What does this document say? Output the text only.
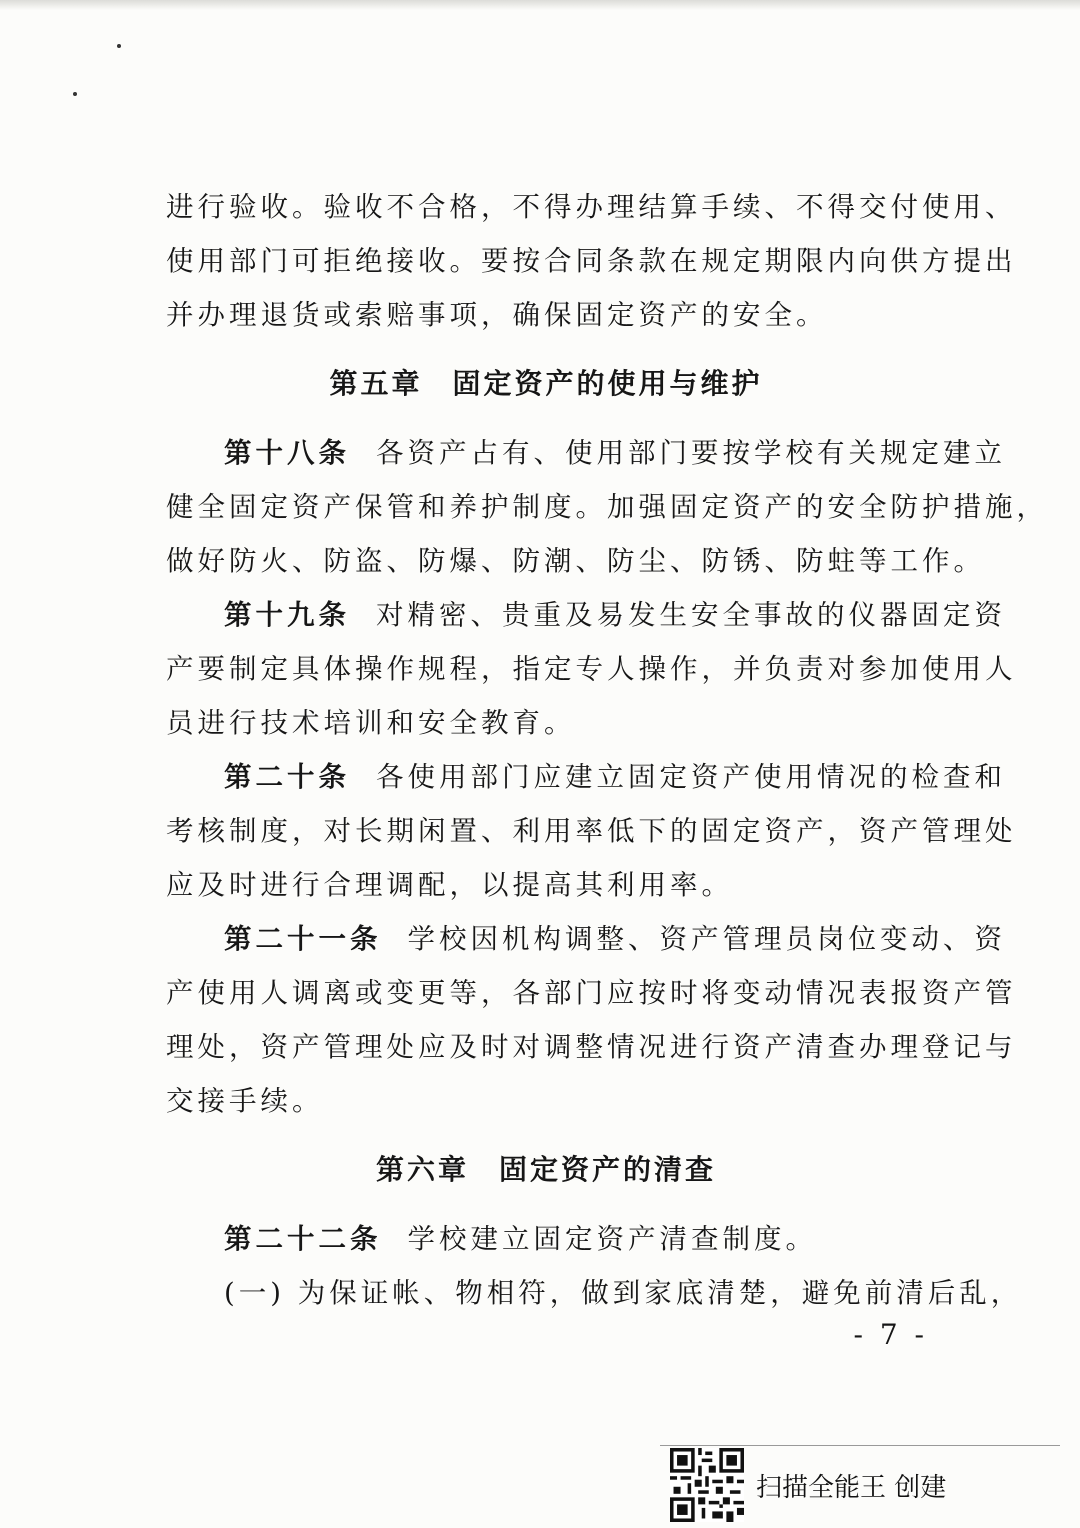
进行验收。验收不合格，不得办理结算手续、不得交付使用、

使用部门可拒绝接收。要按合同条款在规定期限内向供方提出

并办理退货或索赔事项，确保固定资产的安全。

第五章 固定资产的使用与维护

第十八条 各资产占有、使用部门要按学校有关规定建立

健全固定资产保管和养护制度。加强固定资产的安全防护措施，

做好防火、防盗、防爆、防潮、防尘、防锈、防蛀等工作。

第十九条 对精密、贵重及易发生安全事故的仪器固定资

产要制定具体操作规程，指定专人操作，并负责对参加使用人

员进行技术培训和安全教育。

第二十条 各使用部门应建立固定资产使用情况的检查和

考核制度，对长期闲置、利用率低下的固定资产，资产管理处

应及时进行合理调配，以提高其利用率。

第二十一条 学校因机构调整、资产管理员岗位变动、资

产使用人调离或变更等，各部门应按时将变动情况表报资产管

理处，资产管理处应及时对调整情况进行资产清查办理登记与

交接手续。

第六章 固定资产的清查

第二十二条 学校建立固定资产清查制度。

(一) 为保证帐、物相符，做到家底清楚，避免前清后乱，

- 7 -
扫描全能王 创建
